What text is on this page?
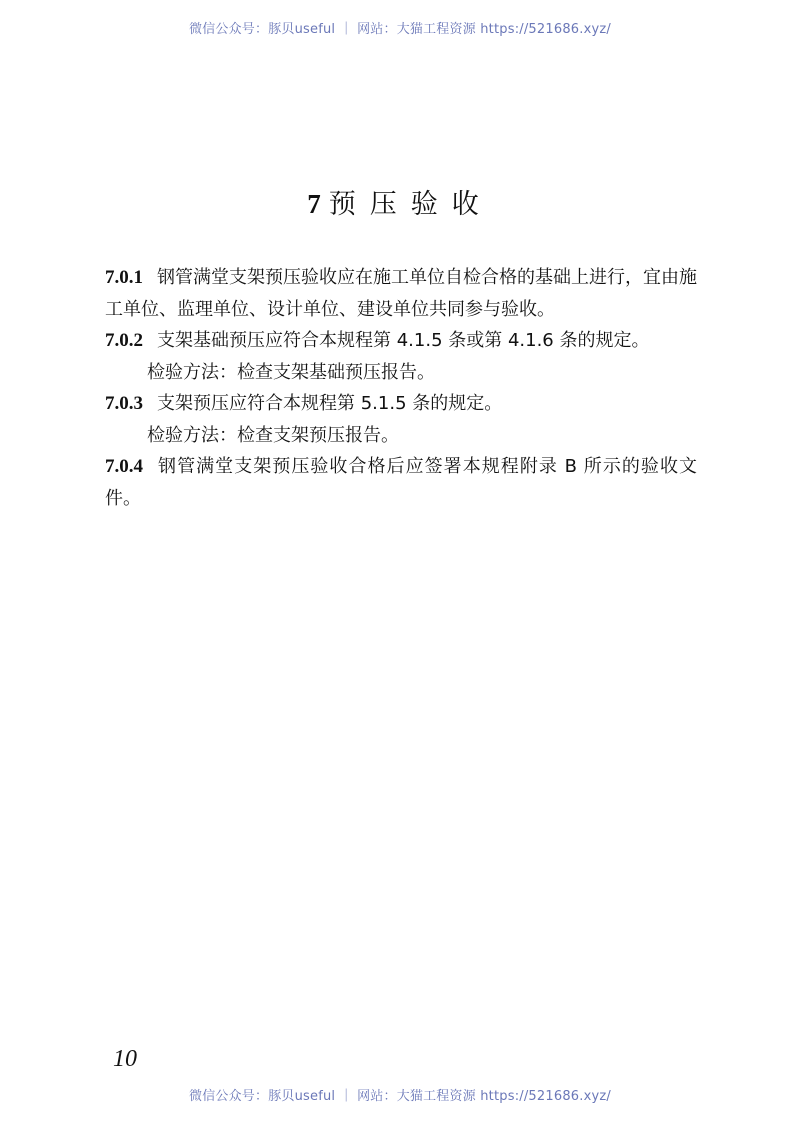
微信公众号：豚贝useful ｜ 网站：大猫工程资源 https://521686.xyz/
7 预压验收

7.0.1 钢管满堂支架预压验收应在施工单位自检合格的基础上进行，宜由施工单位、监理单位、设计单位、建设单位共同参与验收。

7.0.2 支架基础预压应符合本规程第 4.1.5 条或第 4.1.6 条的规定。

检验方法：检查支架基础预压报告。

7.0.3 支架预压应符合本规程第 5.1.5 条的规定。

检验方法：检查支架预压报告。

7.0.4 钢管满堂支架预压验收合格后应签署本规程附录 B 所示的验收文件。

10
微信公众号：豚贝useful ｜ 网站：大猫工程资源 https://521686.xyz/
